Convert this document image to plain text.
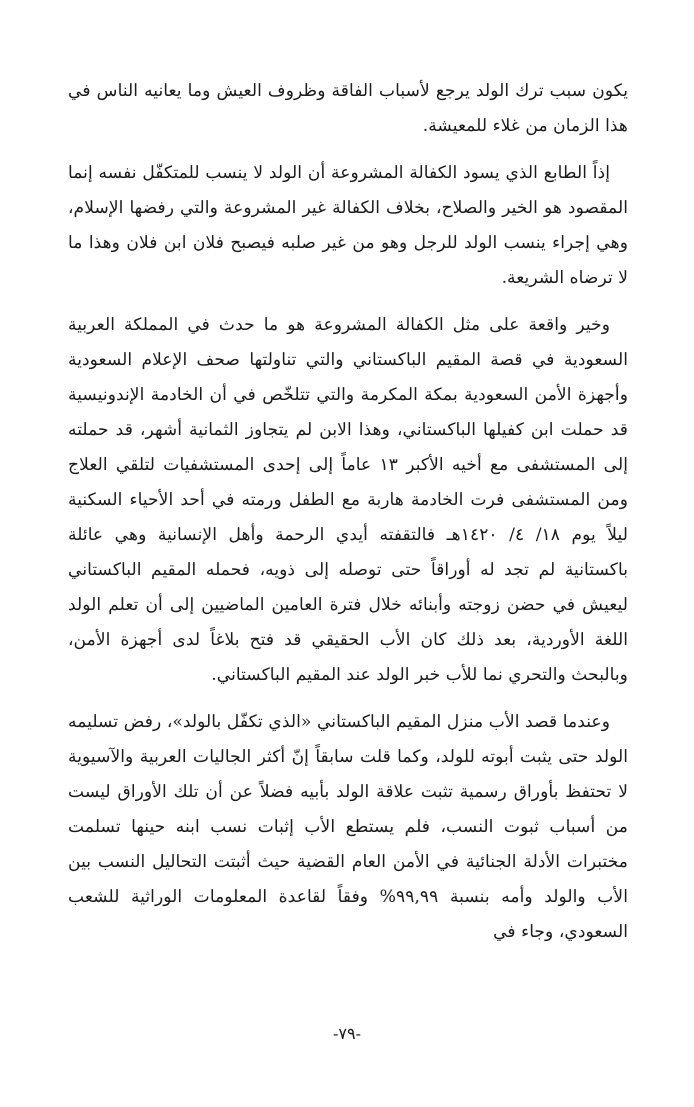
يكون سبب ترك الولد يرجع لأسباب الفاقة وظروف العيش وما يعانيه الناس في هذا الزمان من غلاء للمعيشة.

إذاً الطابع الذي يسود الكفالة المشروعة أن الولد لا ينسب للمتكفّل نفسه إنما المقصود هو الخير والصلاح، بخلاف الكفالة غير المشروعة والتي رفضها الإسلام، وهي إجراء ينسب الولد للرجل وهو من غير صلبه فيصبح فلان ابن فلان وهذا ما لا ترضاه الشريعة.

وخير واقعة على مثل الكفالة المشروعة هو ما حدث في المملكة العربية السعودية في قصة المقيم الباكستاني والتي تناولتها صحف الإعلام السعودية وأجهزة الأمن السعودية بمكة المكرمة والتي تتلخّص في أن الخادمة الإندونيسية قد حملت ابن كفيلها الباكستاني، وهذا الابن لم يتجاوز الثمانية أشهر، قد حملته إلى المستشفى مع أخيه الأكبر ١٣ عاماً إلى إحدى المستشفيات لتلقي العلاج ومن المستشفى فرت الخادمة هاربة مع الطفل ورمته في أحد الأحياء السكنية ليلاً يوم ١٨/ ٤/ ١٤٢٠هـ فالتقفته أيدي الرحمة وأهل الإنسانية وهي عائلة باكستانية لم تجد له أوراقاً حتى توصله إلى ذويه، فحمله المقيم الباكستاني ليعيش في حضن زوجته وأبنائه خلال فترة العامين الماضيين إلى أن تعلم الولد اللغة الأوردية، بعد ذلك كان الأب الحقيقي قد فتح بلاغاً لدى أجهزة الأمن، وبالبحث والتحري نما للأب خبر الولد عند المقيم الباكستاني.

وعندما قصد الأب منزل المقيم الباكستاني «الذي تكفّل بالولد»، رفض تسليمه الولد حتى يثبت أبوته للولد، وكما قلت سابقاً إنّ أكثر الجاليات العربية والآسيوية لا تحتفظ بأوراق رسمية تثبت علاقة الولد بأبيه فضلاً عن أن تلك الأوراق ليست من أسباب ثبوت النسب، فلم يستطع الأب إثبات نسب ابنه حينها تسلمت مختبرات الأدلة الجنائية في الأمن العام القضية حيث أثبتت التحاليل النسب بين الأب والولد وأمه بنسبة ٩٩,٩٩% وفقاً لقاعدة المعلومات الوراثية للشعب السعودي، وجاء في

-٧٩-
